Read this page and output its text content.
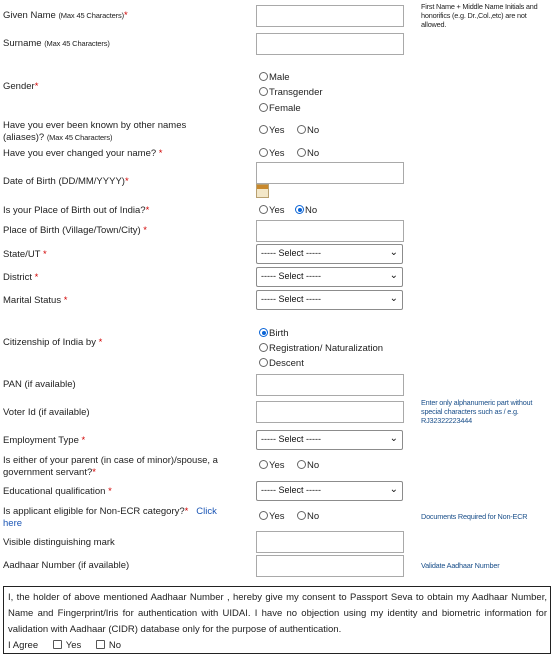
Given Name (Max 45 Characters)*
First Name + Middle Name Initials and honorifics (e.g. Dr.,Col.,etc) are not allowed.
Surname (Max 45 Characters)
Gender*
Male
Transgender
Female
Have you ever been known by other names
(aliases)? (Max 45 Characters)
Yes	No
Have you ever changed your name? *	Yes	No
Date of Birth (DD/MM/YYYY)*
Is your Place of Birth out of India?*	Yes	No
Place of Birth (Village/Town/City) *
State/UT *	----- Select -----	⌄
District *	----- Select -----	⌄
Marital Status *	----- Select -----	⌄
Citizenship of India by *
Birth
Registration/ Naturalization
Descent
PAN (if available)
Voter Id (if available)
Enter only alphanumeric part without special characters such as / e.g. RJ32322223444
Employment Type *	----- Select -----	⌄
Is either of your parent (in case of minor)/spouse, a
government servant?*
Yes	No
Educational qualification *	----- Select -----	⌄
Is applicant eligible for Non-ECR category?* Click
here
Yes	No	Documents Required for Non-ECR
Visible distinguishing mark
Aadhaar Number (if available)	Validate Aadhaar Number
I, the holder of above mentioned Aadhaar Number , hereby give my consent to Passport Seva to obtain my Aadhaar Number, Name and Fingerprint/Iris for authentication with UIDAI. I have no objection using my identity and biometric information for validation with Aadhaar (CIDR) database only for the purpose of authentication.
I Agree	Yes	No
